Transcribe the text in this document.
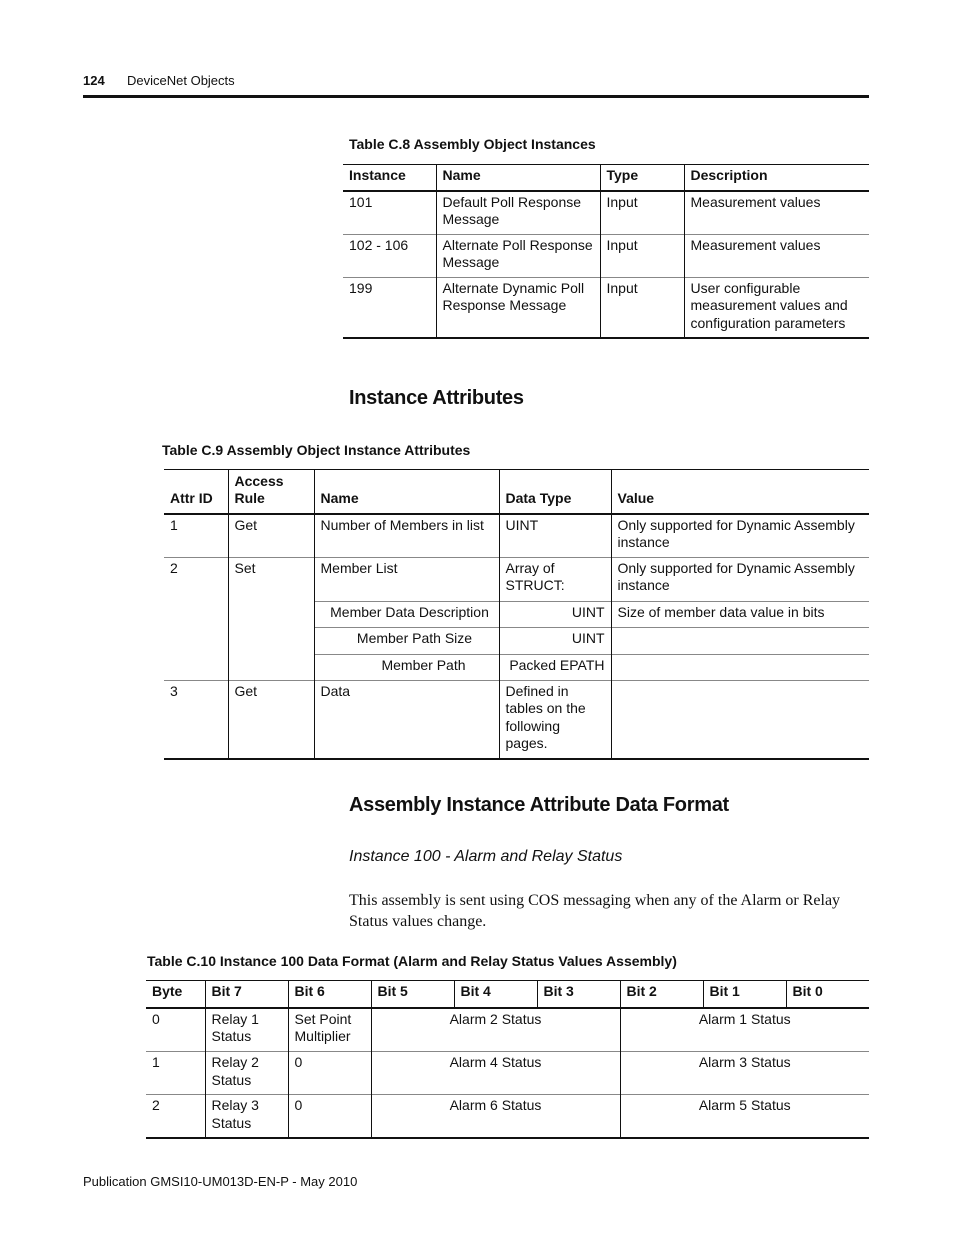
124 DeviceNet Objects
Table C.8 Assembly Object Instances
Instance	Name	Type	Description
101	Default Poll Response Message	Input	Measurement values
102 - 106	Alternate Poll Response Message	Input	Measurement values
199	Alternate Dynamic Poll Response Message	Input	User configurable measurement values and configuration parameters
Instance Attributes
Table C.9 Assembly Object Instance Attributes
Attr ID	Access Rule	Name	Data Type	Value
1	Get	Number of Members in list	UINT	Only supported for Dynamic Assembly instance
2	Set	Member List	Array of STRUCT:	Only supported for Dynamic Assembly instance
		Member Data Description	UINT	Size of member data value in bits
		Member Path Size	UINT	
		Member Path	Packed EPATH	
3	Get	Data	Defined in tables on the following pages.	
Assembly Instance Attribute Data Format
Instance 100 - Alarm and Relay Status
This assembly is sent using COS messaging when any of the Alarm or Relay Status values change.
Table C.10 Instance 100 Data Format (Alarm and Relay Status Values Assembly)
Byte	Bit 7	Bit 6	Bit 5	Bit 4	Bit 3	Bit 2	Bit 1	Bit 0
0	Relay 1 Status	Set Point Multiplier	Alarm 2 Status			Alarm 1 Status		
1	Relay 2 Status	0	Alarm 4 Status			Alarm 3 Status		
2	Relay 3 Status	0	Alarm 6 Status			Alarm 5 Status		
Publication GMSI10-UM013D-EN-P - May 2010
